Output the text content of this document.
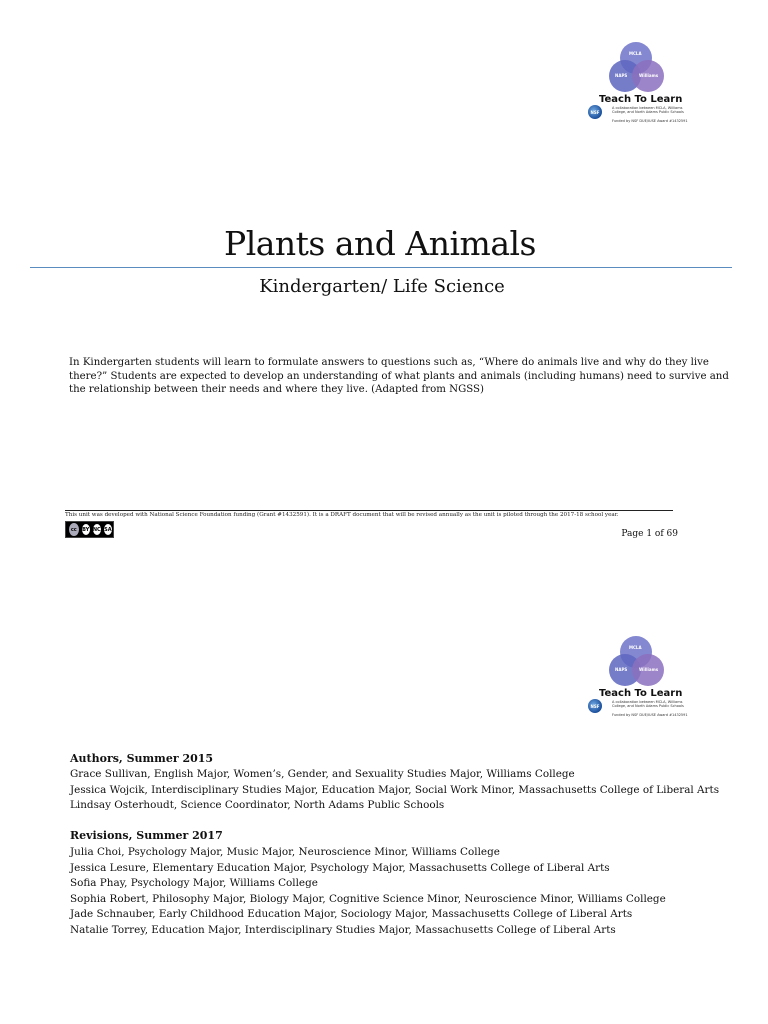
MCLA
NAPS	Williams
Teach To Learn
NSF
A collaboration between MCLA, Williams College, and North Adams Public Schools
Funded by NSF DUE/IUSE Award #1432591
Plants and Animals
Kindergarten/ Life Science

In Kindergarten students will learn to formulate answers to questions such as, “Where do animals live and why do they live there?” Students are expected to develop an understanding of what plants and animals (including humans) need to survive and the relationship between their needs and where they live. (Adapted from NGSS)

This unit was developed with National Science Foundation funding (Grant #1432591). It is a DRAFT document that will be revised annually as the unit is piloted through the 2017-18 school year.
cc	BY NC SA	Page 1 of 69
MCLA
NAPS	Williams
Teach To Learn
NSF
A collaboration between MCLA, Williams College, and North Adams Public Schools
Funded by NSF DUE/IUSE Award #1432591
Authors, Summer 2015
Grace Sullivan, English Major, Women’s, Gender, and Sexuality Studies Major, Williams College
Jessica Wojcik, Interdisciplinary Studies Major, Education Major, Social Work Minor, Massachusetts College of Liberal Arts
Lindsay Osterhoudt, Science Coordinator, North Adams Public Schools
Revisions, Summer 2017
Julia Choi, Psychology Major, Music Major, Neuroscience Minor, Williams College
Jessica Lesure, Elementary Education Major, Psychology Major, Massachusetts College of Liberal Arts
Sofia Phay, Psychology Major, Williams College
Sophia Robert, Philosophy Major, Biology Major, Cognitive Science Minor, Neuroscience Minor, Williams College
Jade Schnauber, Early Childhood Education Major, Sociology Major, Massachusetts College of Liberal Arts
Natalie Torrey, Education Major, Interdisciplinary Studies Major, Massachusetts College of Liberal Arts
